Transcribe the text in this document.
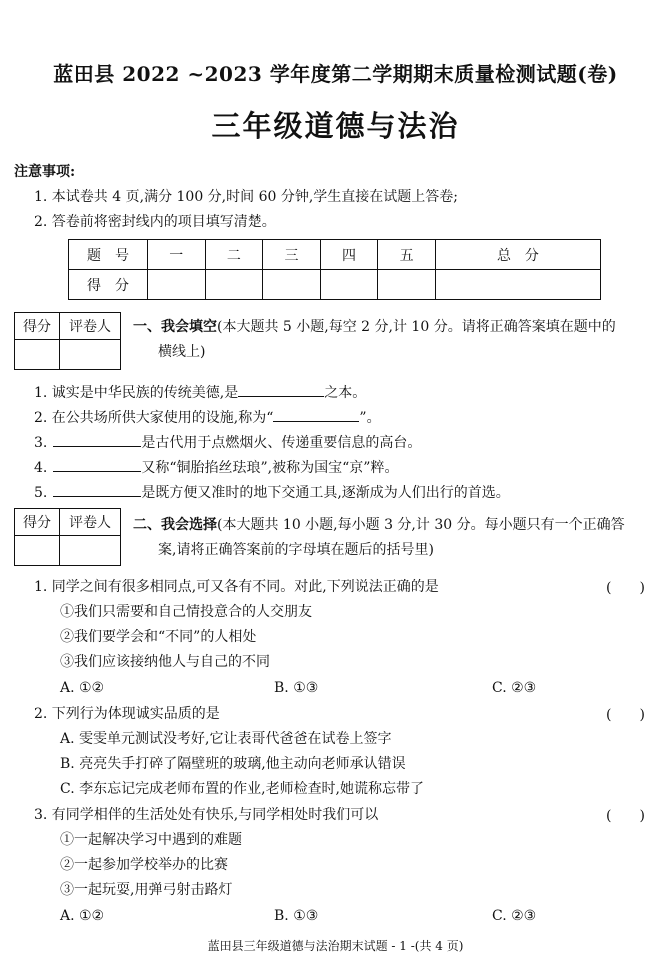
蓝田县 2022 ~2023 学年度第二学期期末质量检测试题(卷)
三年级道德与法治
注意事项:
1. 本试卷共 4 页,满分 100 分,时间 60 分钟,学生直接在试题上答卷;
2. 答卷前将密封线内的项目填写清楚。
题　号	一	二	三	四	五	总　分
得　分						
得分	评卷人
	一、我会填空(本大题共 5 小题,每空 2 分,计 10 分。请将正确答案填在题中的
横线上)
1. 诚实是中华民族的传统美德,是	之本。
2. 在公共场所供大家使用的设施,称为“	”。
3.	是古代用于点燃烟火、传递重要信息的高台。
4.	又称“铜胎掐丝珐琅”,被称为国宝“京”粹。
5.	是既方便又准时的地下交通工具,逐渐成为人们出行的首选。
得分	评卷人
	二、我会选择(本大题共 10 小题,每小题 3 分,计 30 分。每小题只有一个正确答
案,请将正确答案前的字母填在题后的括号里)
1. 同学之间有很多相同点,可又各有不同。对此,下列说法正确的是	(　　)
①我们只需要和自己情投意合的人交朋友
②我们要学会和“不同”的人相处
③我们应该接纳他人与自己的不同
A. ①②	B. ①③	C. ②③
2. 下列行为体现诚实品质的是	(　　)
A. 雯雯单元测试没考好,它让表哥代爸爸在试卷上签字
B. 亮亮失手打碎了隔壁班的玻璃,他主动向老师承认错误
C. 李东忘记完成老师布置的作业,老师检查时,她谎称忘带了
3. 有同学相伴的生活处处有快乐,与同学相处时我们可以	(　　)
①一起解决学习中遇到的难题
②一起参加学校举办的比赛
③一起玩耍,用弹弓射击路灯
A. ①②	B. ①③	C. ②③
蓝田县三年级道德与法治期末试题 - 1 -(共 4 页)
